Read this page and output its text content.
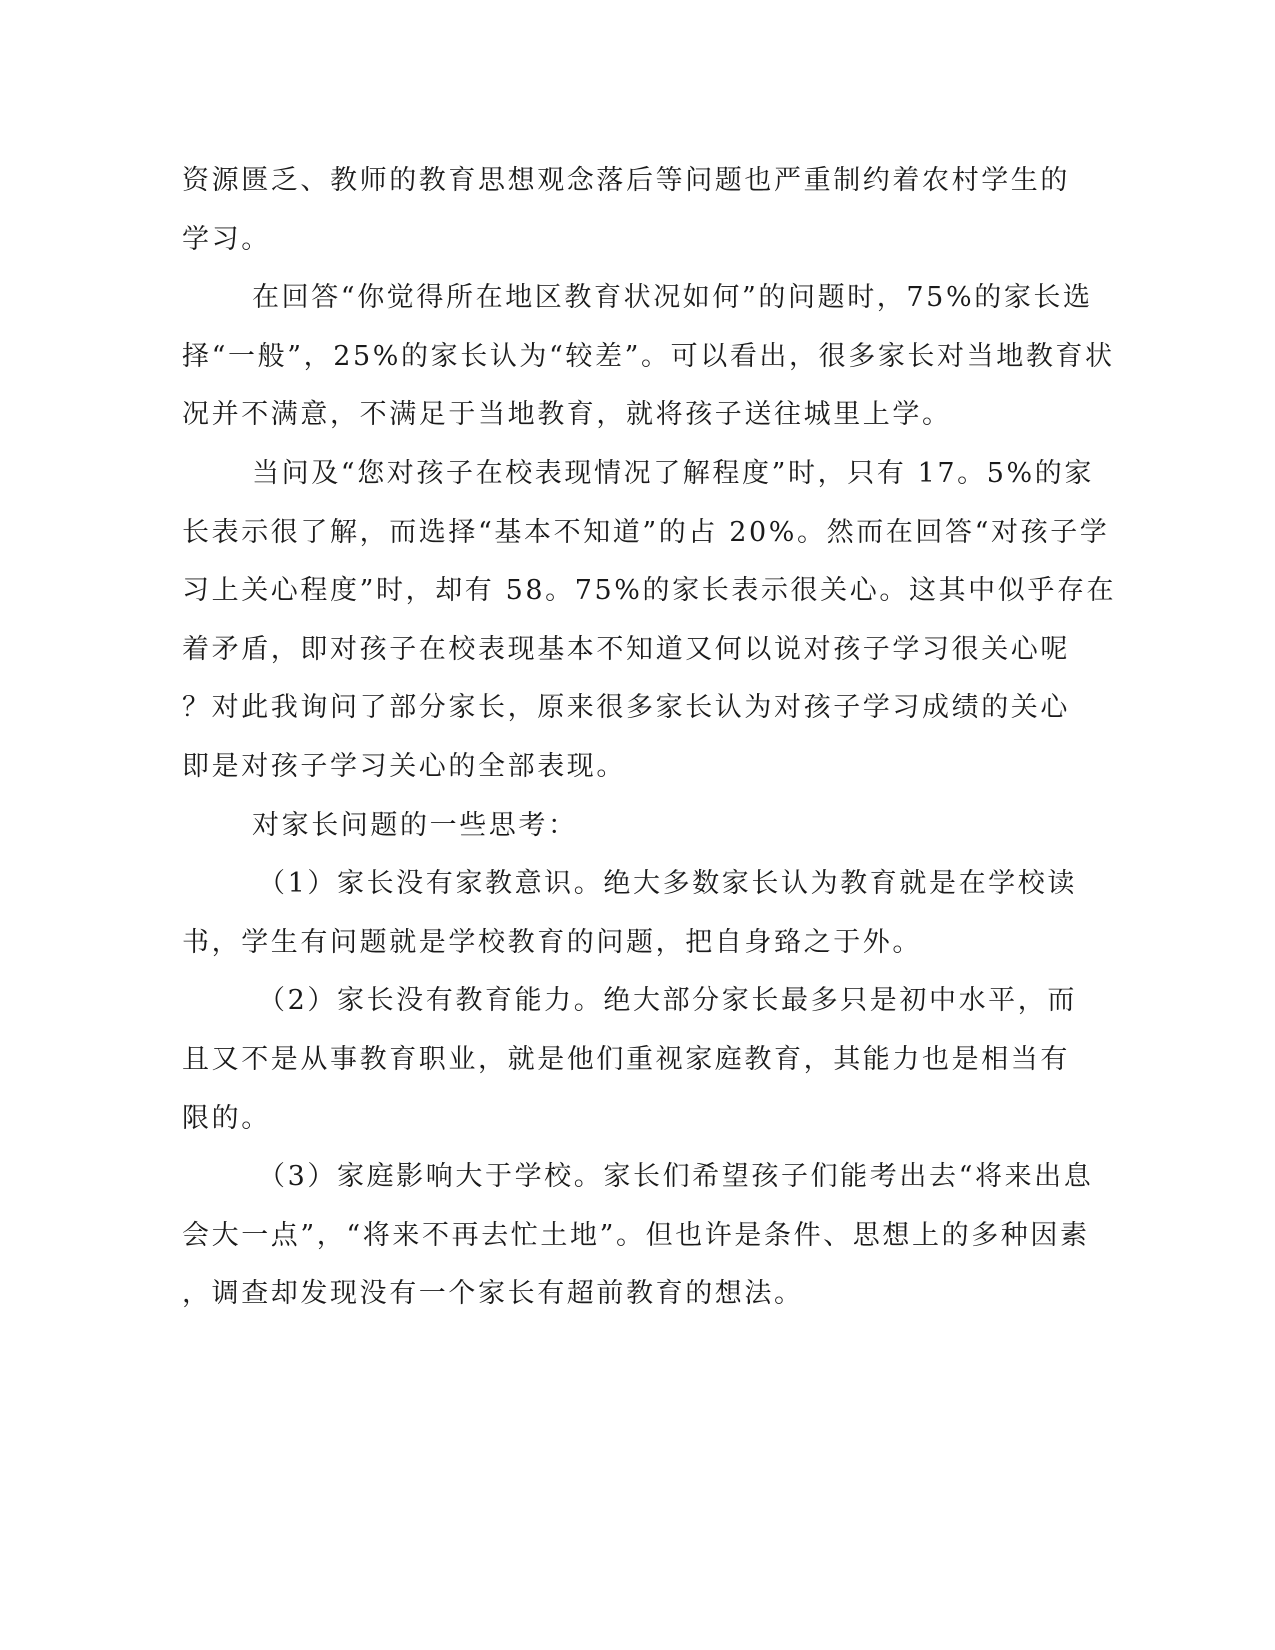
资源匮乏、教师的教育思想观念落后等问题也严重制约着农村学生的
学习。
在回答“你觉得所在地区教育状况如何”的问题时，75%的家长选
择“一般”，25%的家长认为“较差”。可以看出，很多家长对当地教育状
况并不满意，不满足于当地教育，就将孩子送往城里上学。
当问及“您对孩子在校表现情况了解程度”时，只有 17。5%的家
长表示很了解，而选择“基本不知道”的占 20%。然而在回答“对孩子学
习上关心程度”时，却有 58。75%的家长表示很关心。这其中似乎存在
着矛盾，即对孩子在校表现基本不知道又何以说对孩子学习很关心呢
？对此我询问了部分家长，原来很多家长认为对孩子学习成绩的关心
即是对孩子学习关心的全部表现。
对家长问题的一些思考：
（1）家长没有家教意识。绝大多数家长认为教育就是在学校读
书，学生有问题就是学校教育的问题，把自身臵之于外。
（2）家长没有教育能力。绝大部分家长最多只是初中水平，而
且又不是从事教育职业，就是他们重视家庭教育，其能力也是相当有
限的。
（3）家庭影响大于学校。家长们希望孩子们能考出去“将来出息
会大一点”，“将来不再去忙土地”。但也许是条件、思想上的多种因素
，调查却发现没有一个家长有超前教育的想法。
